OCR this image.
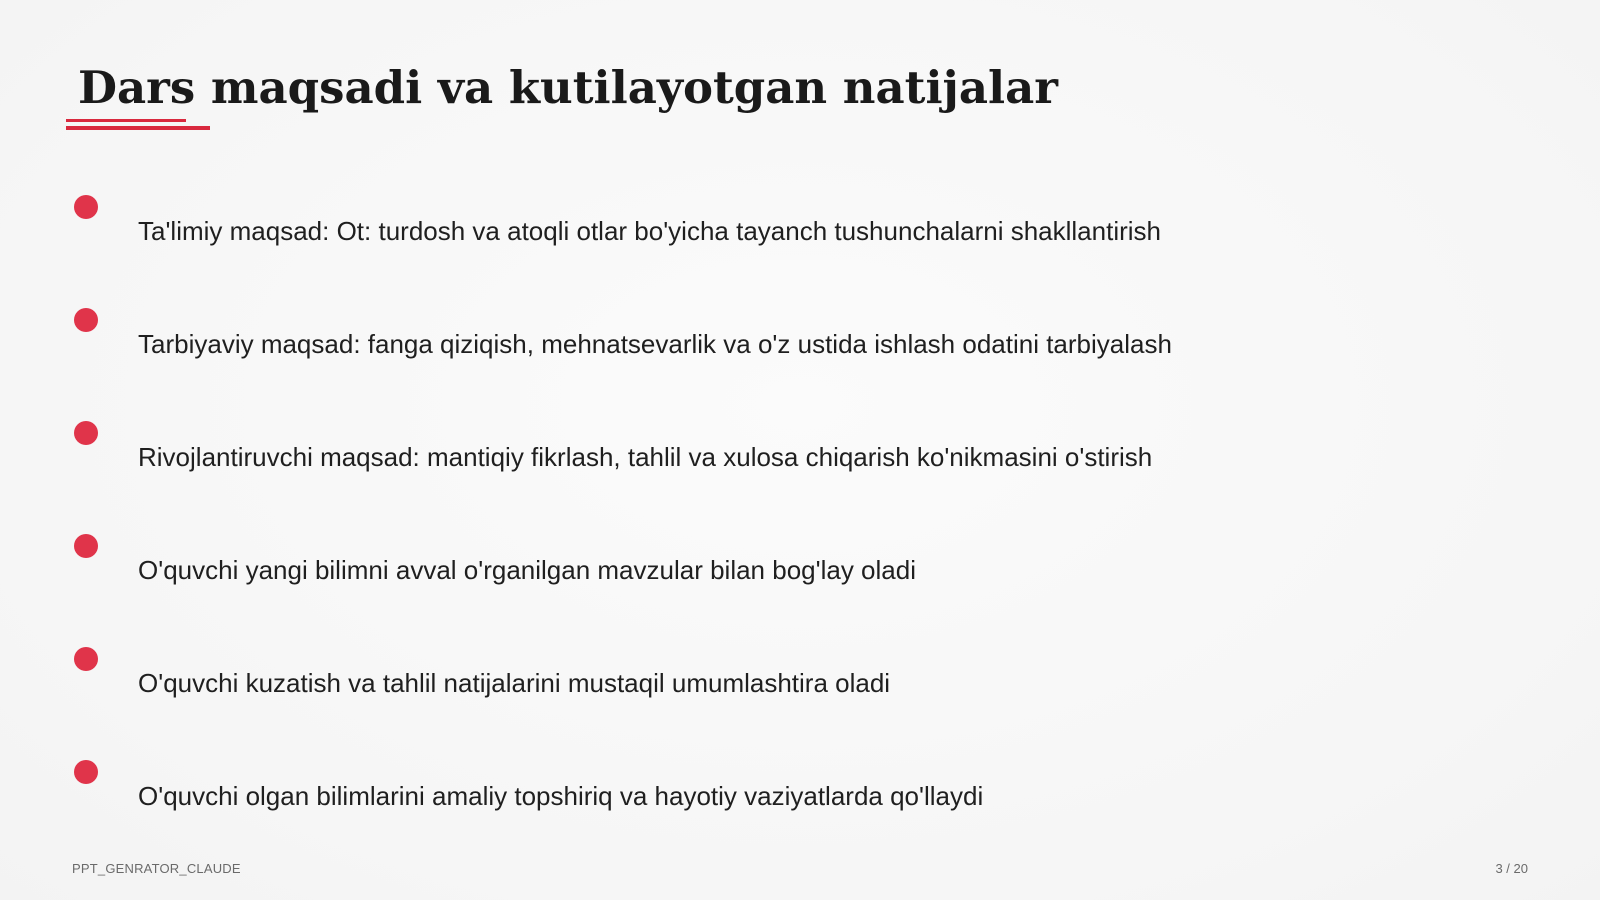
Dars maqsadi va kutilayotgan natijalar
Ta'limiy maqsad: Ot: turdosh va atoqli otlar bo'yicha tayanch tushunchalarni shakllantirish
Tarbiyaviy maqsad: fanga qiziqish, mehnatsevarlik va o'z ustida ishlash odatini tarbiyalash
Rivojlantiruvchi maqsad: mantiqiy fikrlash, tahlil va xulosa chiqarish ko'nikmasini o'stirish
O'quvchi yangi bilimni avval o'rganilgan mavzular bilan bog'lay oladi
O'quvchi kuzatish va tahlil natijalarini mustaqil umumlashtira oladi
O'quvchi olgan bilimlarini amaliy topshiriq va hayotiy vaziyatlarda qo'llaydi
PPT_GENRATOR_CLAUDE	3 / 20
